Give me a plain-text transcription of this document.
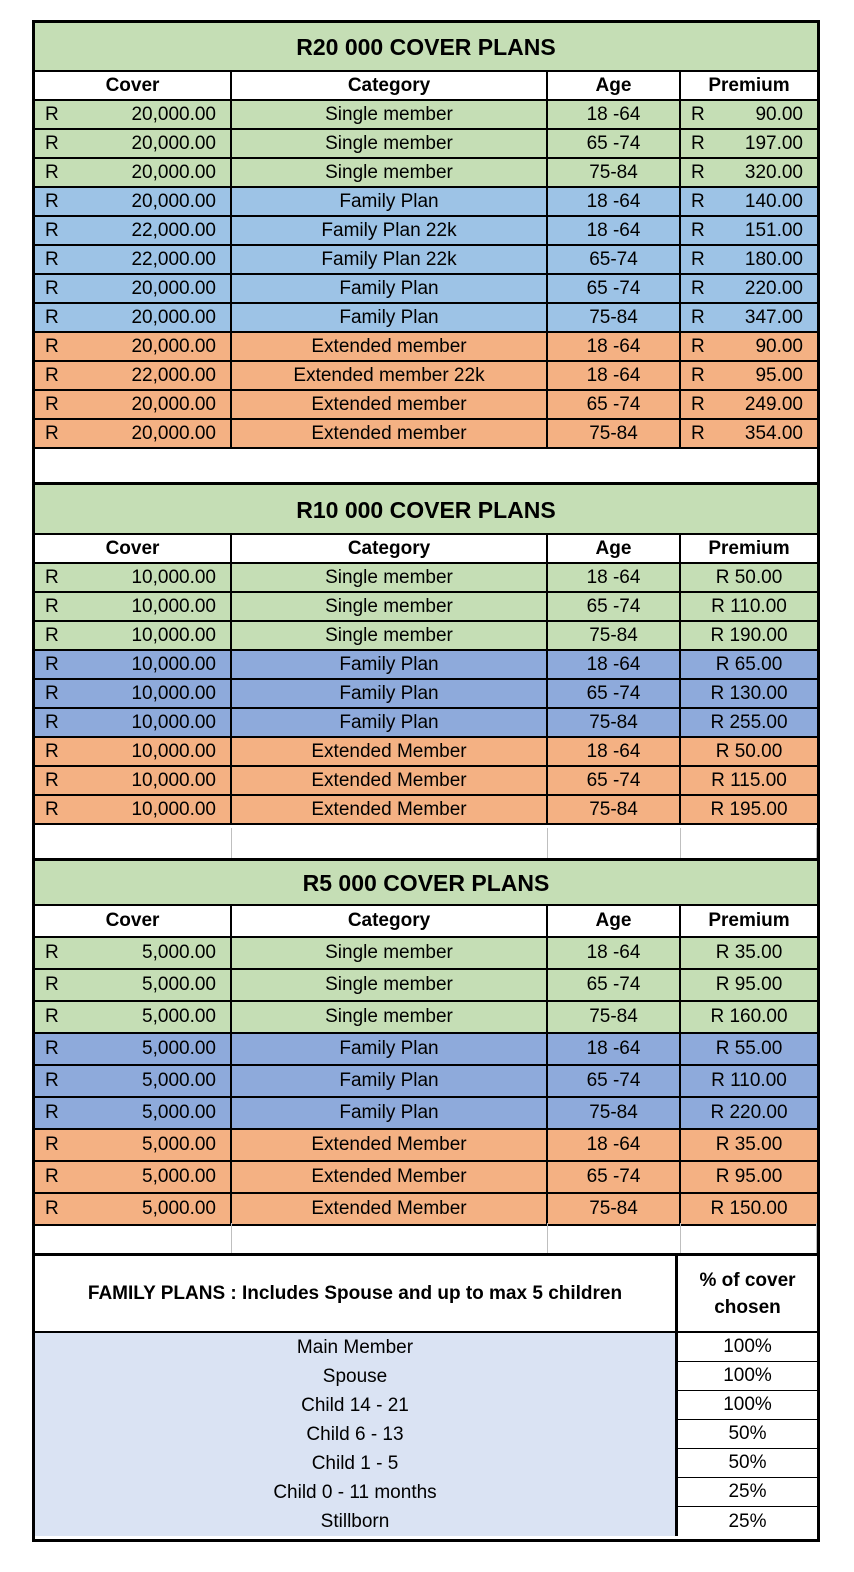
R20 000 COVER PLANS
Cover	Category	Age	Premium
R	20,000.00	Single member	18 -64	R	90.00
R	20,000.00	Single member	65 -74	R 197.00
R	20,000.00	Single member	75-84	R 320.00
R	20,000.00	Family Plan	18 -64	R 140.00
R	22,000.00	Family Plan 22k	18 -64	R 151.00
R	22,000.00	Family Plan 22k	65-74	R 180.00
R	20,000.00	Family Plan	65 -74	R 220.00
R	20,000.00	Family Plan	75-84	R 347.00
R	20,000.00	Extended member	18 -64	R	90.00
R	22,000.00	Extended member 22k	18 -64	R	95.00
R	20,000.00	Extended member	65 -74	R 249.00
R	20,000.00	Extended member	75-84	R 354.00
R10 000 COVER PLANS
Cover	Category	Age	Premium
R	10,000.00	Single member	18 -64	R 50.00
R	10,000.00	Single member	65 -74	R 110.00
R	10,000.00	Single member	75-84	R 190.00
R	10,000.00	Family Plan	18 -64	R 65.00
R	10,000.00	Family Plan	65 -74	R 130.00
R	10,000.00	Family Plan	75-84	R 255.00
R	10,000.00	Extended Member	18 -64	R 50.00
R	10,000.00	Extended Member	65 -74	R 115.00
R	10,000.00	Extended Member	75-84	R 195.00
R5 000 COVER PLANS
Cover	Category	Age	Premium
R	5,000.00	Single member	18 -64	R 35.00
R	5,000.00	Single member	65 -74	R 95.00
R	5,000.00	Single member	75-84	R 160.00
R	5,000.00	Family Plan	18 -64	R 55.00
R	5,000.00	Family Plan	65 -74	R 110.00
R	5,000.00	Family Plan	75-84	R 220.00
R	5,000.00	Extended Member	18 -64	R 35.00
R	5,000.00	Extended Member	65 -74	R 95.00
R	5,000.00	Extended Member	75-84	R 150.00
FAMILY PLANS : Includes Spouse and up to max 5 children
% of cover
chosen
Main Member	100%
Spouse	100%
Child 14 - 21	100%
Child 6 - 13	50%
Child 1 - 5	50%
Child 0 - 11 months	25%
Stillborn	25%
